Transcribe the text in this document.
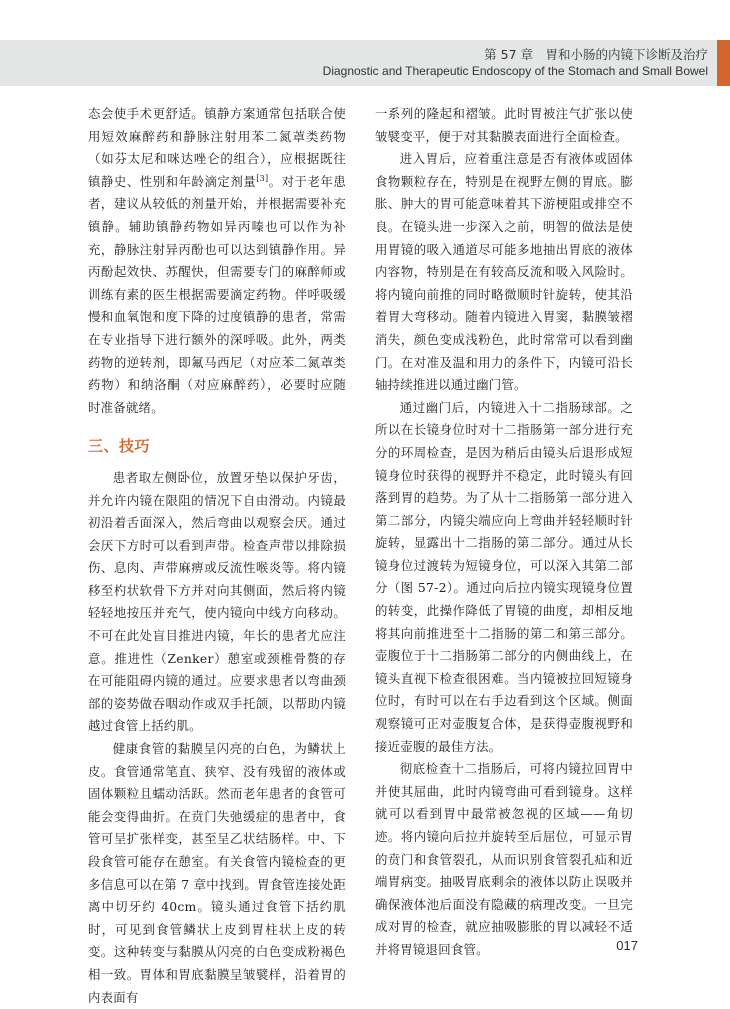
第 57 章　胃和小肠的内镜下诊断及治疗
Diagnostic and Therapeutic Endoscopy of the Stomach and Small Bowel

态会使手术更舒适。镇静方案通常包括联合使用短效麻醉药和静脉注射用苯二氮䓬类药物（如芬太尼和咪达唑仑的组合），应根据既往镇静史、性别和年龄滴定剂量[3]。对于老年患者，建议从较低的剂量开始，并根据需要补充镇静。辅助镇静药物如异丙嗪也可以作为补充，静脉注射异丙酚也可以达到镇静作用。异丙酚起效快、苏醒快，但需要专门的麻醉师或训练有素的医生根据需要滴定药物。伴呼吸缓慢和血氧饱和度下降的过度镇静的患者，常需在专业指导下进行额外的深呼吸。此外，两类药物的逆转剂，即氟马西尼（对应苯二氮䓬类药物）和纳洛酮（对应麻醉药），必要时应随时准备就绪。

三、技巧

患者取左侧卧位，放置牙垫以保护牙齿，并允许内镜在限阻的情况下自由滑动。内镜最初沿着舌面深入，然后弯曲以观察会厌。通过会厌下方时可以看到声带。检查声带以排除损伤、息肉、声带麻痹或反流性喉炎等。将内镜移至杓状软骨下方并对向其侧面，然后将内镜轻轻地按压并充气，使内镜向中线方向移动。不可在此处盲目推进内镜，年长的患者尤应注意。推进性（Zenker）憩室或颈椎骨赘的存在可能阻碍内镜的通过。应要求患者以弯曲颈部的姿势做吞咽动作或双手托颌，以帮助内镜越过食管上括约肌。

健康食管的黏膜呈闪亮的白色，为鳞状上皮。食管通常笔直、狭窄、没有残留的液体或固体颗粒且蠕动活跃。然而老年患者的食管可能会变得曲折。在贲门失弛缓症的患者中，食管可呈扩张样变，甚至呈乙状结肠样。中、下段食管可能存在憩室。有关食管内镜检查的更多信息可以在第 7 章中找到。胃食管连接处距离中切牙约 40cm。镜头通过食管下括约肌时，可见到食管鳞状上皮到胃柱状上皮的转变。这种转变与黏膜从闪亮的白色变成粉褐色相一致。胃体和胃底黏膜呈皱襞样，沿着胃的内表面有

一系列的隆起和褶皱。此时胃被注气扩张以使皱襞变平，便于对其黏膜表面进行全面检查。

进入胃后，应着重注意是否有液体或固体食物颗粒存在，特别是在视野左侧的胃底。膨胀、肿大的胃可能意味着其下游梗阻或排空不良。在镜头进一步深入之前，明智的做法是使用胃镜的吸入通道尽可能多地抽出胃底的液体内容物，特别是在有较高反流和吸入风险时。将内镜向前推的同时略微顺时针旋转，使其沿着胃大弯移动。随着内镜进入胃窦，黏膜皱褶消失，颜色变成浅粉色，此时常常可以看到幽门。在对准及温和用力的条件下，内镜可沿长轴持续推进以通过幽门管。

通过幽门后，内镜进入十二指肠球部。之所以在长镜身位时对十二指肠第一部分进行充分的环周检查，是因为稍后由镜头后退形成短镜身位时获得的视野并不稳定，此时镜头有回落到胃的趋势。为了从十二指肠第一部分进入第二部分，内镜尖端应向上弯曲并轻轻顺时针旋转，显露出十二指肠的第二部分。通过从长镜身位过渡转为短镜身位，可以深入其第二部分（图 57-2）。通过向后拉内镜实现镜身位置的转变，此操作降低了胃镜的曲度，却相反地将其向前推进至十二指肠的第二和第三部分。壶腹位于十二指肠第二部分的内侧曲线上，在镜头直视下检查很困难。当内镜被拉回短镜身位时，有时可以在右手边看到这个区域。侧面观察镜可正对壶腹复合体，是获得壶腹视野和接近壶腹的最佳方法。

彻底检查十二指肠后，可将内镜拉回胃中并使其屈曲，此时内镜弯曲可看到镜身。这样就可以看到胃中最常被忽视的区域——角切迹。将内镜向后拉并旋转至后屈位，可显示胃的贲门和食管裂孔，从而识别食管裂孔疝和近端胃病变。抽吸胃底剩余的液体以防止误吸并确保液体池后面没有隐藏的病理改变。一旦完成对胃的检查，就应抽吸膨胀的胃以减轻不适并将胃镜退回食管。	017
